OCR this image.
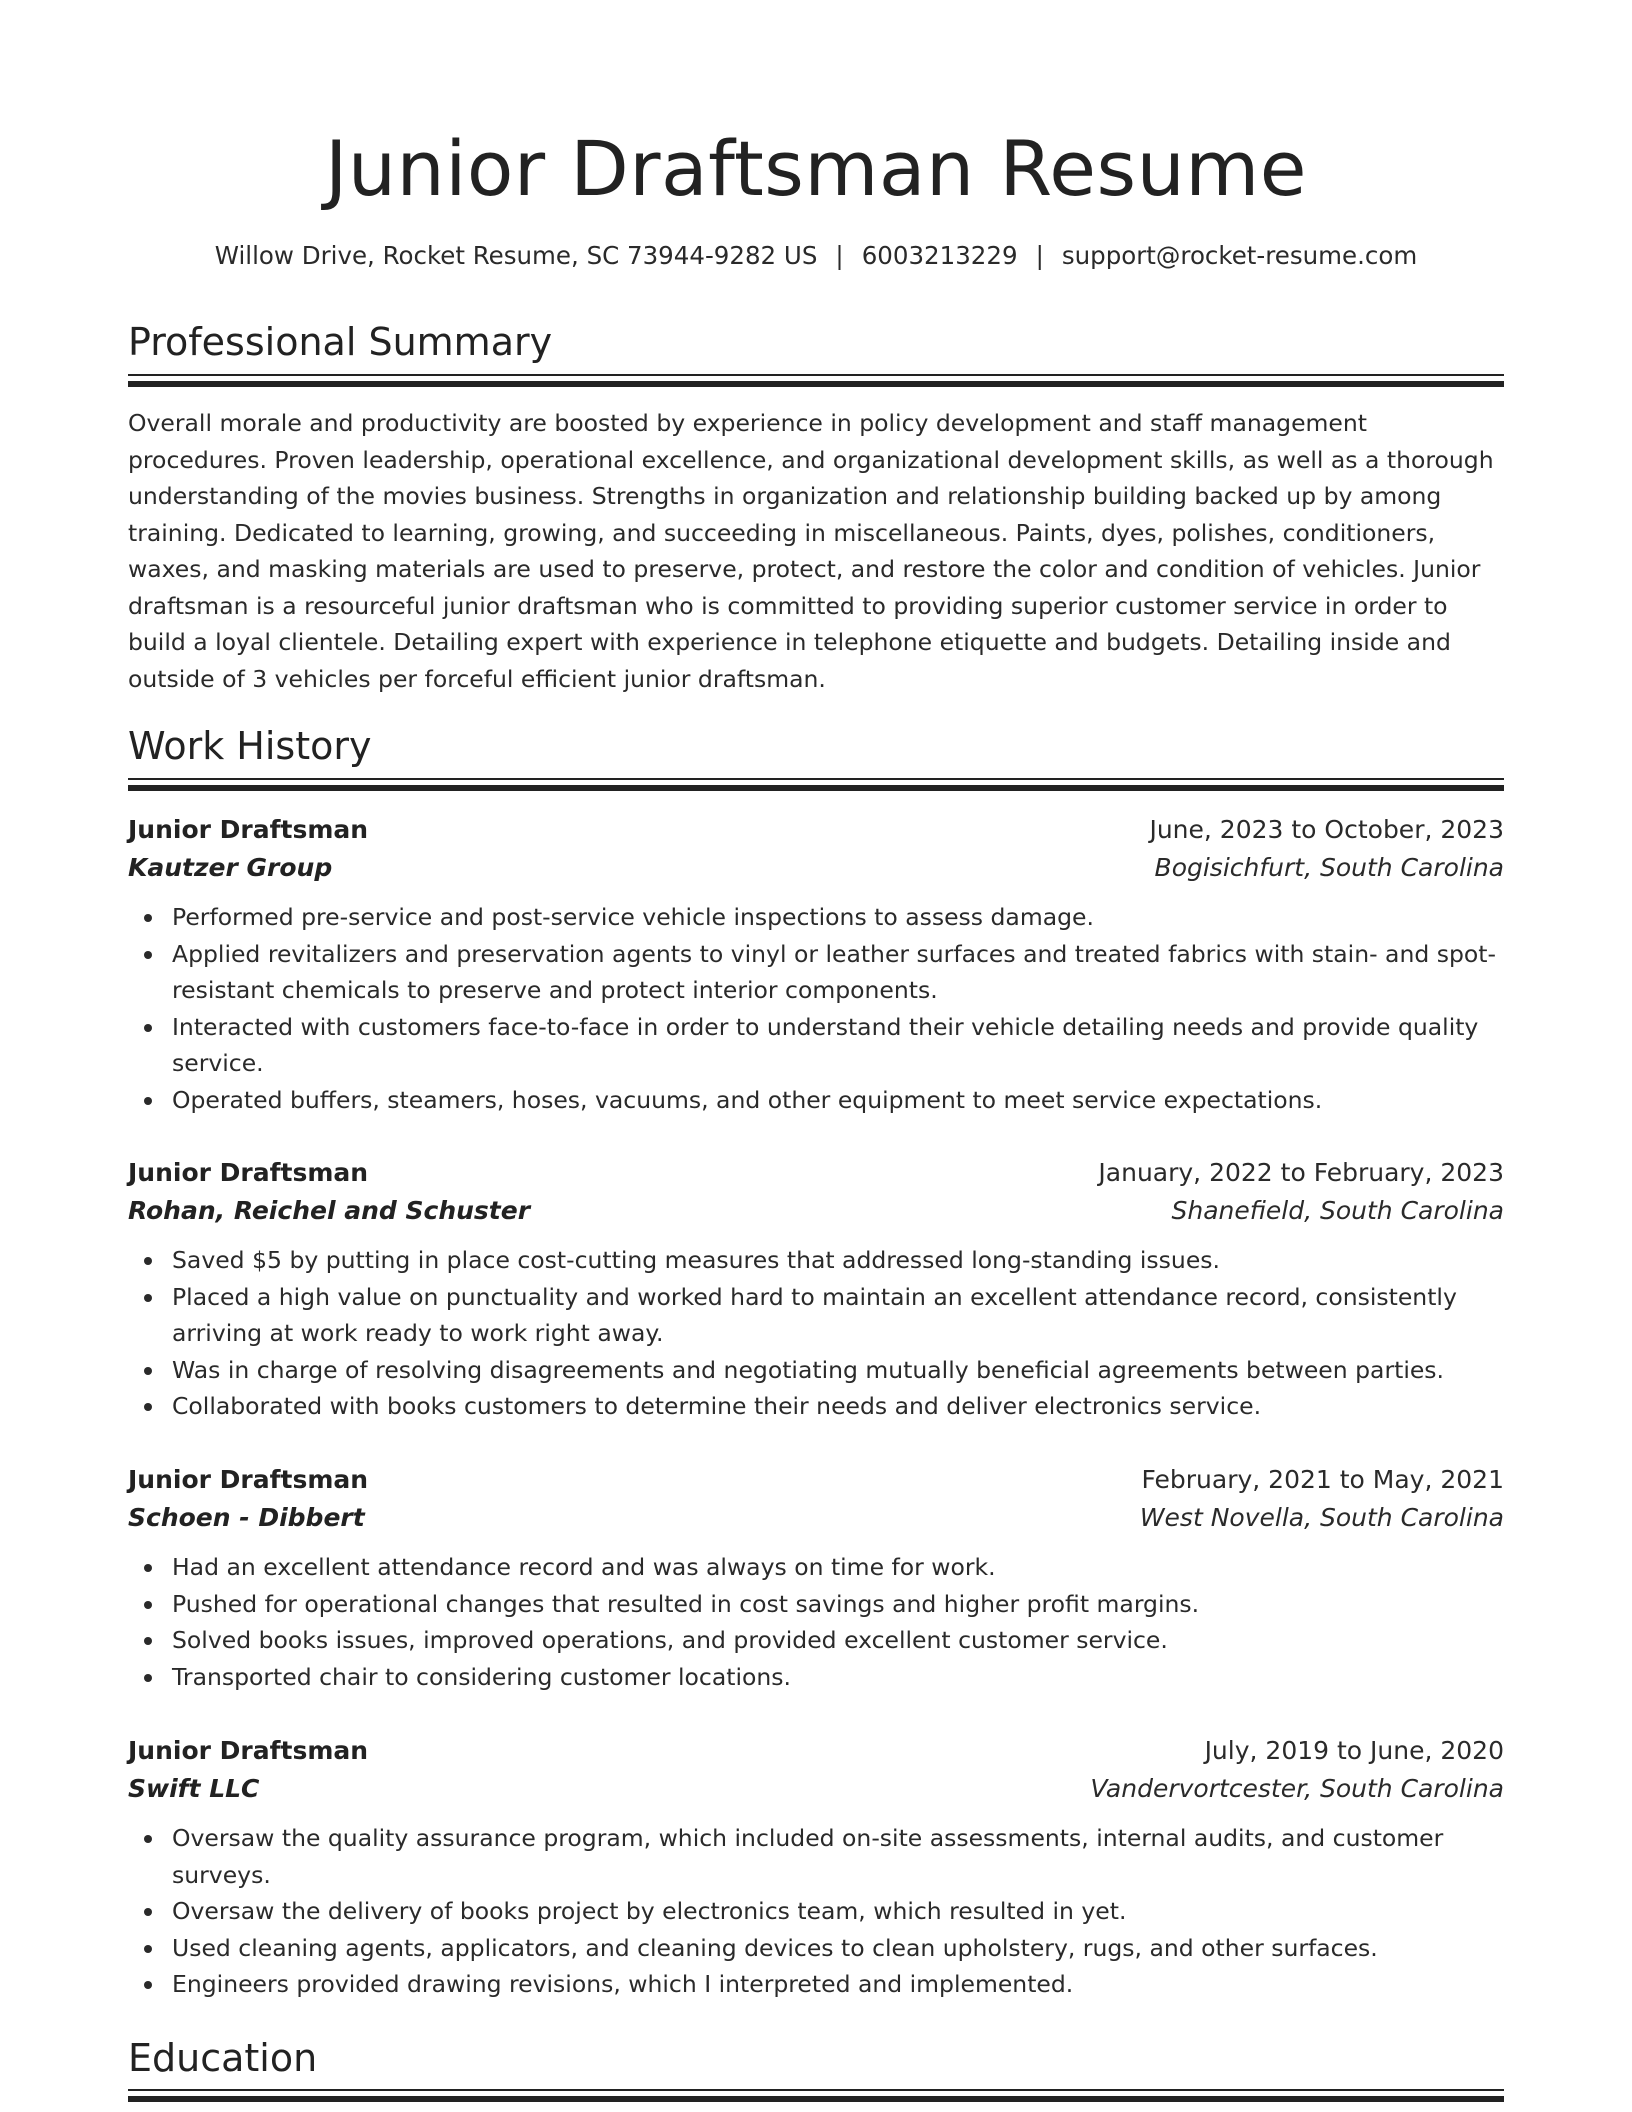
Junior Draftsman Resume
Willow Drive, Rocket Resume, SC 73944-9282 US | 6003213229 | support@rocket-resume.com
Professional Summary

Overall morale and productivity are boosted by experience in policy development and staff management procedures. Proven leadership, operational excellence, and organizational development skills, as well as a thorough understanding of the movies business. Strengths in organization and relationship building backed up by among training. Dedicated to learning, growing, and succeeding in miscellaneous. Paints, dyes, polishes, conditioners, waxes, and masking materials are used to preserve, protect, and restore the color and condition of vehicles. Junior draftsman is a resourceful junior draftsman who is committed to providing superior customer service in order to build a loyal clientele. Detailing expert with experience in telephone etiquette and budgets. Detailing inside and outside of 3 vehicles per forceful efficient junior draftsman.

Work History
Junior Draftsman	June, 2023 to October, 2023
Kautzer Group	Bogisichfurt, South Carolina
Performed pre-service and post-service vehicle inspections to assess damage.
Applied revitalizers and preservation agents to vinyl or leather surfaces and treated fabrics with stain- and spot-resistant chemicals to preserve and protect interior components.
Interacted with customers face-to-face in order to understand their vehicle detailing needs and provide quality service.
Operated buffers, steamers, hoses, vacuums, and other equipment to meet service expectations.
Junior Draftsman	January, 2022 to February, 2023
Rohan, Reichel and Schuster	Shanefield, South Carolina
Saved $5 by putting in place cost-cutting measures that addressed long-standing issues.
Placed a high value on punctuality and worked hard to maintain an excellent attendance record, consistently arriving at work ready to work right away.
Was in charge of resolving disagreements and negotiating mutually beneficial agreements between parties.
Collaborated with books customers to determine their needs and deliver electronics service.
Junior Draftsman	February, 2021 to May, 2021
Schoen - Dibbert	West Novella, South Carolina
Had an excellent attendance record and was always on time for work.
Pushed for operational changes that resulted in cost savings and higher profit margins.
Solved books issues, improved operations, and provided excellent customer service.
Transported chair to considering customer locations.
Junior Draftsman	July, 2019 to June, 2020
Swift LLC	Vandervortcester, South Carolina
Oversaw the quality assurance program, which included on-site assessments, internal audits, and customer surveys.
Oversaw the delivery of books project by electronics team, which resulted in yet.
Used cleaning agents, applicators, and cleaning devices to clean upholstery, rugs, and other surfaces.
Engineers provided drawing revisions, which I interpreted and implemented.
Education
